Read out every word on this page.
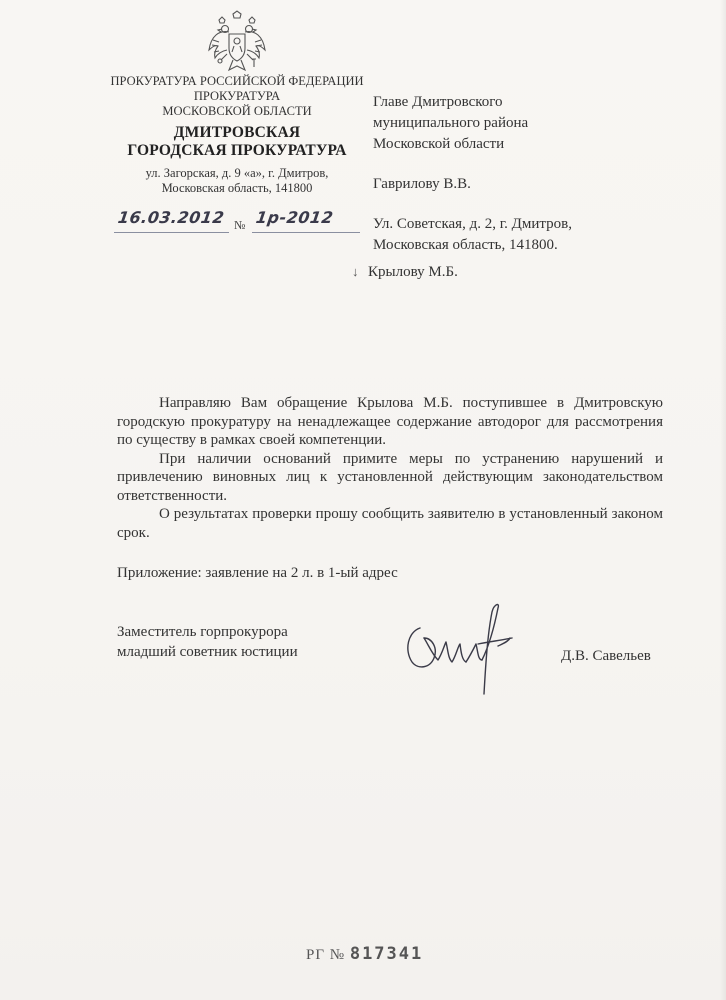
ПРОКУРАТУРА РОССИЙСКОЙ ФЕДЕРАЦИИ
ПРОКУРАТУРА
МОСКОВСКОЙ ОБЛАСТИ
ДМИТРОВСКАЯ
ГОРОДСКАЯ ПРОКУРАТУРА
ул. Загорская, д. 9 «а», г. Дмитров,
Московская область, 141800
16.03.2012 № 1р-2012
Главе Дмитровского
муниципального района
Московской области
Гаврилову В.В.
Ул. Советская, д. 2, г. Дмитров,
Московская область, 141800.
↓ Крылову М.Б.

Направляю Вам обращение Крылова М.Б. поступившее в Дмитровскую городскую прокуратуру на ненадлежащее содержание автодорог для рассмотрения по существу в рамках своей компетенции.

При наличии оснований примите меры по устранению нарушений и привлечению виновных лиц к установленной действующим законодательством ответственности.

О результатах проверки прошу сообщить заявителю в установленный законом срок.

Приложение: заявление на 2 л. в 1-ый адрес
Заместитель горпрокурора
младший советник юстиции	Д.В. Савельев
РГ № 817341
